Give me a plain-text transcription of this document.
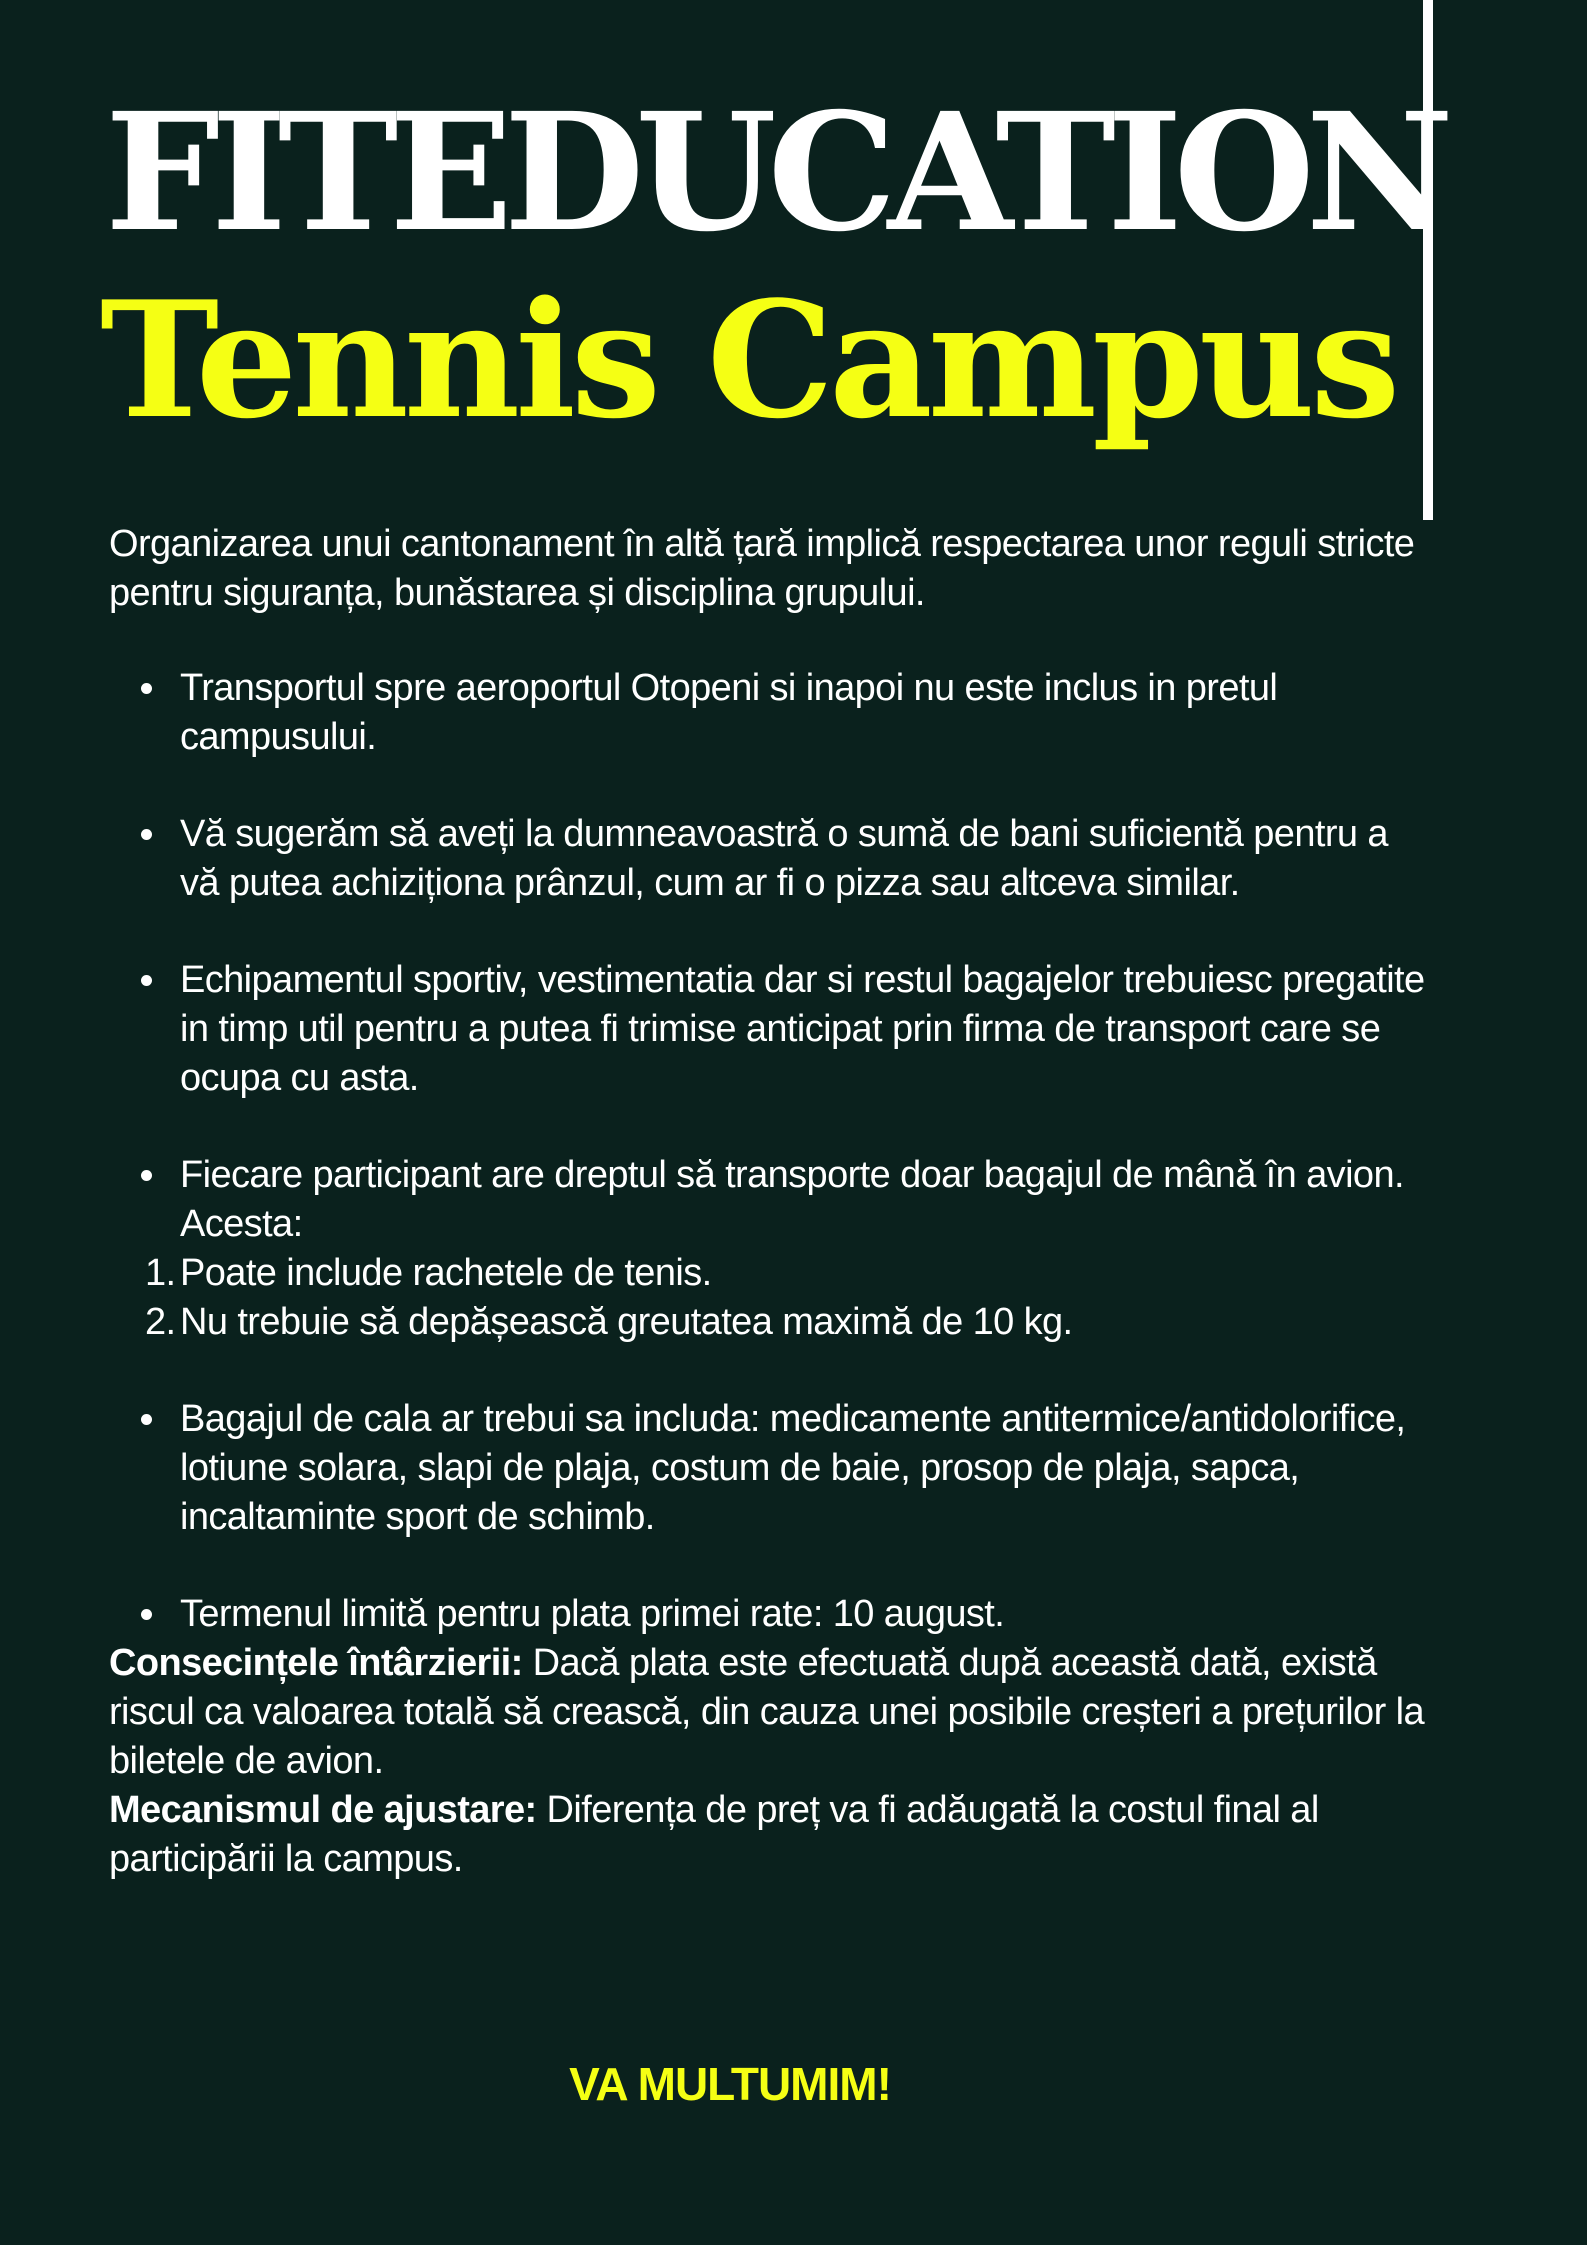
FITEDUCATION
Tennis Campus

Organizarea unui cantonament în altă țară implică respectarea unor reguli stricte pentru siguranța, bunăstarea și disciplina grupului.

Transportul spre aeroportul Otopeni si inapoi nu este inclus in pretul campusului.
Vă sugerăm să aveți la dumneavoastră o sumă de bani suficientă pentru a vă putea achiziționa prânzul, cum ar fi o pizza sau altceva similar.
Echipamentul sportiv, vestimentatia dar si restul bagajelor trebuiesc pregatite in timp util pentru a putea fi trimise anticipat prin firma de transport care se ocupa cu asta.
Fiecare participant are dreptul să transporte doar bagajul de mână în avion. Acesta:
1. Poate include rachetele de tenis.
2. Nu trebuie să depășească greutatea maximă de 10 kg.
Bagajul de cala ar trebui sa includa: medicamente antitermice/antidolorifice, lotiune solara, slapi de plaja, costum de baie, prosop de plaja, sapca, incaltaminte sport de schimb.
Termenul limită pentru plata primei rate: 10 august.

Consecințele întârzierii: Dacă plata este efectuată după această dată, există riscul ca valoarea totală să crească, din cauza unei posibile creșteri a prețurilor la biletele de avion.

Mecanismul de ajustare: Diferența de preț va fi adăugată la costul final al participării la campus.

VA MULTUMIM!
